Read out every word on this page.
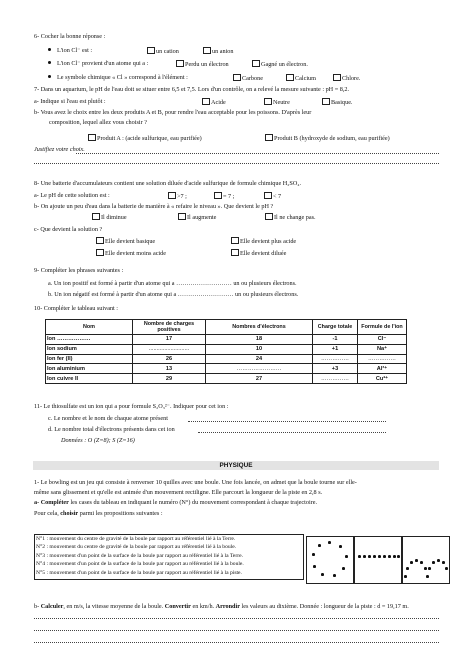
6- Cocher la bonne réponse :
L'ion Cl⁻ est :	un cation	un anion
L'ion Cl⁻ provient d'un atome qui a :	Perdu un électron	Gagné un électron.
Le symbole chimique « Cl » correspond à l'élément :	Carbone	Calcium	Chlore.
7- Dans un aquarium, le pH de l'eau doit se situer entre 6,5 et 7,5. Lors d'un contrôle, on a relevé la mesure suivante : pH = 8,2.
a- Indique si l'eau est plutôt :	Acide	Neutre	Basique.
b- Vous avez le choix entre les deux produits A et B, pour rendre l'eau acceptable pour les poissons. D'après leur
composition, lequel allez vous choisir ?
Produit A : (acide sulfurique, eau purifiée)	Produit B (hydroxyde de sodium, eau purifiée)
Justifiez votre choix.
8- Une batterie d'accumulateurs contient une solution diluée d'acide sulfurique de formule chimique H₂SO₄.
a- Le pH de cette solution est :	>7 ;	= 7 ;	< 7
b- On ajoute un peu d'eau dans la batterie de manière à « refaire le niveau ». Que devient le pH ?
Il diminue	Il augmente	Il ne change pas.
c- Que devient la solution ?
Elle devient basique	Elle devient plus acide
Elle devient moins acide	Elle devient diluée
9- Compléter les phrases suivantes :
a. Un ion positif est formé à partir d'un atome qui a ……………………… un ou plusieurs électrons.
b. Un ion négatif est formé à partir d'un atome qui a ……………………… un ou plusieurs électrons.
10- Compléter le tableau suivant :
Nom	Nombre de charges positives	Nombres d'électrons	Charge totale	Formule de l'ion
Ion ………………	17	18	-1	Cl⁻
Ion sodium	..........................	10	+1	Na⁺
Ion fer (II)	26	24	……………	……………
Ion aluminium	13	……………………	+3	Al³⁺
Ion cuivre II	29	27	……………	Cu²⁺
11- Le thiosulfate est un ion qui a pour formule S₂O₃²⁻. Indiquer pour cet ion :
c. Le nombre et le nom de chaque atome présent
d. Le nombre total d'électrons présents dans cet ion
Données : O (Z=8); S (Z=16)
PHYSIQUE
1- Le bowling est un jeu qui consiste à renverser 10 quilles avec une boule. Une fois lancée, on admet que la boule tourne sur elle-
même sans glissement et qu'elle est animée d'un mouvement rectiligne. Elle parcourt la longueur de la piste en 2,8 s.
a- Compléter les cases du tableau en indiquant le numéro (N°) du mouvement correspondant à chaque trajectoire.
Pour cela, choisir parmi les propositions suivantes :
N°1 : mouvement du centre de gravité de la boule par rapport au référentiel lié à la Terre.
N°2 : mouvement du centre de gravité de la boule par rapport au référentiel lié à la boule.
N°3 : mouvement d'un point de la surface de la boule par rapport au référentiel lié à la Terre.
N°4 : mouvement d'un point de la surface de la boule par rapport au référentiel lié à la boule.
N°5 : mouvement d'un point de la surface de la boule par rapport au référentiel lié à la piste.
b- Calculer, en m/s, la vitesse moyenne de la boule. Convertir en km/h. Arrondir les valeurs au dixième. Donnée : longueur de la piste : d = 19,17 m.
